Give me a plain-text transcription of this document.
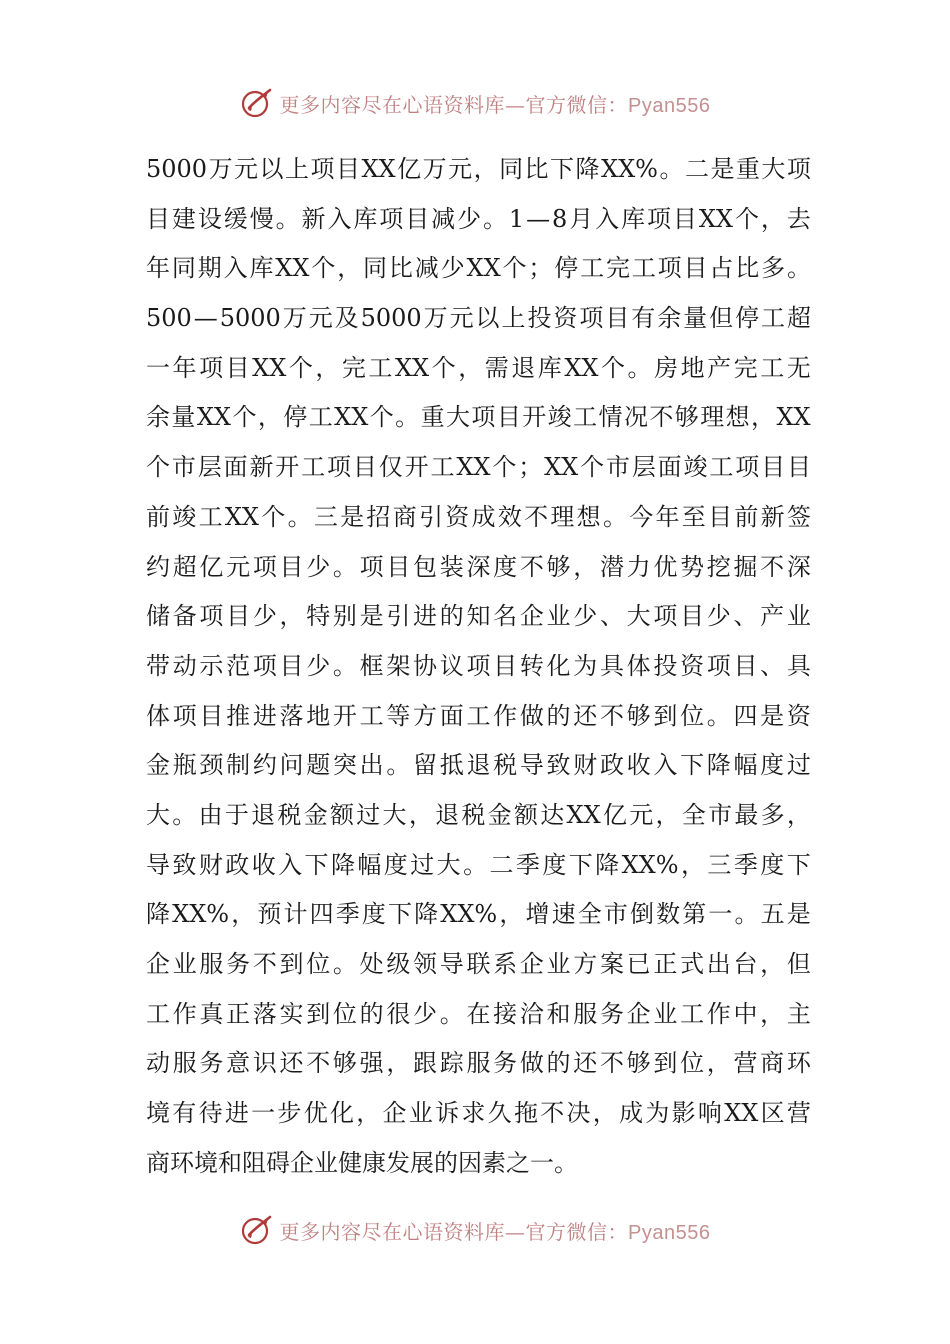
更多内容尽在心语资料库—官方微信：Pyan556
5000 万 元 以 上 项 目 XX 亿 万 元 ， 同 比 下 降 XX% 。 二 是 重 大 项
目 建 设 缓 慢 。 新 入 库 项 目 减 少 。 1 — 8 月 入 库 项 目 XX 个 ， 去
年 同 期 入 库 XX 个 ， 同 比 减 少 XX 个 ； 停 工 完 工 项 目 占 比 多 。
500 — 5000 万 元 及 5000 万 元 以 上 投 资 项 目 有 余 量 但 停 工 超
一 年 项 目 XX 个 ， 完 工 XX 个 ， 需 退 库 XX 个 。 房 地 产 完 工 无
余 量 XX 个 ， 停 工 XX 个 。 重 大 项 目 开 竣 工 情 况 不 够 理 想 ， XX
个 市 层 面 新 开 工 项 目 仅 开 工 XX 个 ； XX 个 市 层 面 竣 工 项 目 目
前 竣 工 XX 个 。 三 是 招 商 引 资 成 效 不 理 想 。 今 年 至 目 前 新 签
约 超 亿 元 项 目 少 。 项 目 包 装 深 度 不 够 ， 潜 力 优 势 挖 掘 不 深
储 备 项 目 少 ， 特 别 是 引 进 的 知 名 企 业 少 、 大 项 目 少 、 产 业
带 动 示 范 项 目 少 。 框 架 协 议 项 目 转 化 为 具 体 投 资 项 目 、 具
体 项 目 推 进 落 地 开 工 等 方 面 工 作 做 的 还 不 够 到 位 。 四 是 资
金 瓶 颈 制 约 问 题 突 出 。 留 抵 退 税 导 致 财 政 收 入 下 降 幅 度 过
大 。 由 于 退 税 金 额 过 大 ， 退 税 金 额 达 XX 亿 元 ， 全 市 最 多 ，
导 致 财 政 收 入 下 降 幅 度 过 大 。 二 季 度 下 降 XX% ， 三 季 度 下
降 XX% ， 预 计 四 季 度 下 降 XX% ， 增 速 全 市 倒 数 第 一 。 五 是
企 业 服 务 不 到 位 。 处 级 领 导 联 系 企 业 方 案 已 正 式 出 台 ， 但
工 作 真 正 落 实 到 位 的 很 少 。 在 接 洽 和 服 务 企 业 工 作 中 ， 主
动 服 务 意 识 还 不 够 强 ， 跟 踪 服 务 做 的 还 不 够 到 位 ， 营 商 环
境 有 待 进 一 步 优 化 ， 企 业 诉 求 久 拖 不 决 ， 成 为 影 响 XX 区 营
商 环 境 和 阻 碍 企 业 健 康 发 展 的 因 素 之 一 。
更多内容尽在心语资料库—官方微信：Pyan556
